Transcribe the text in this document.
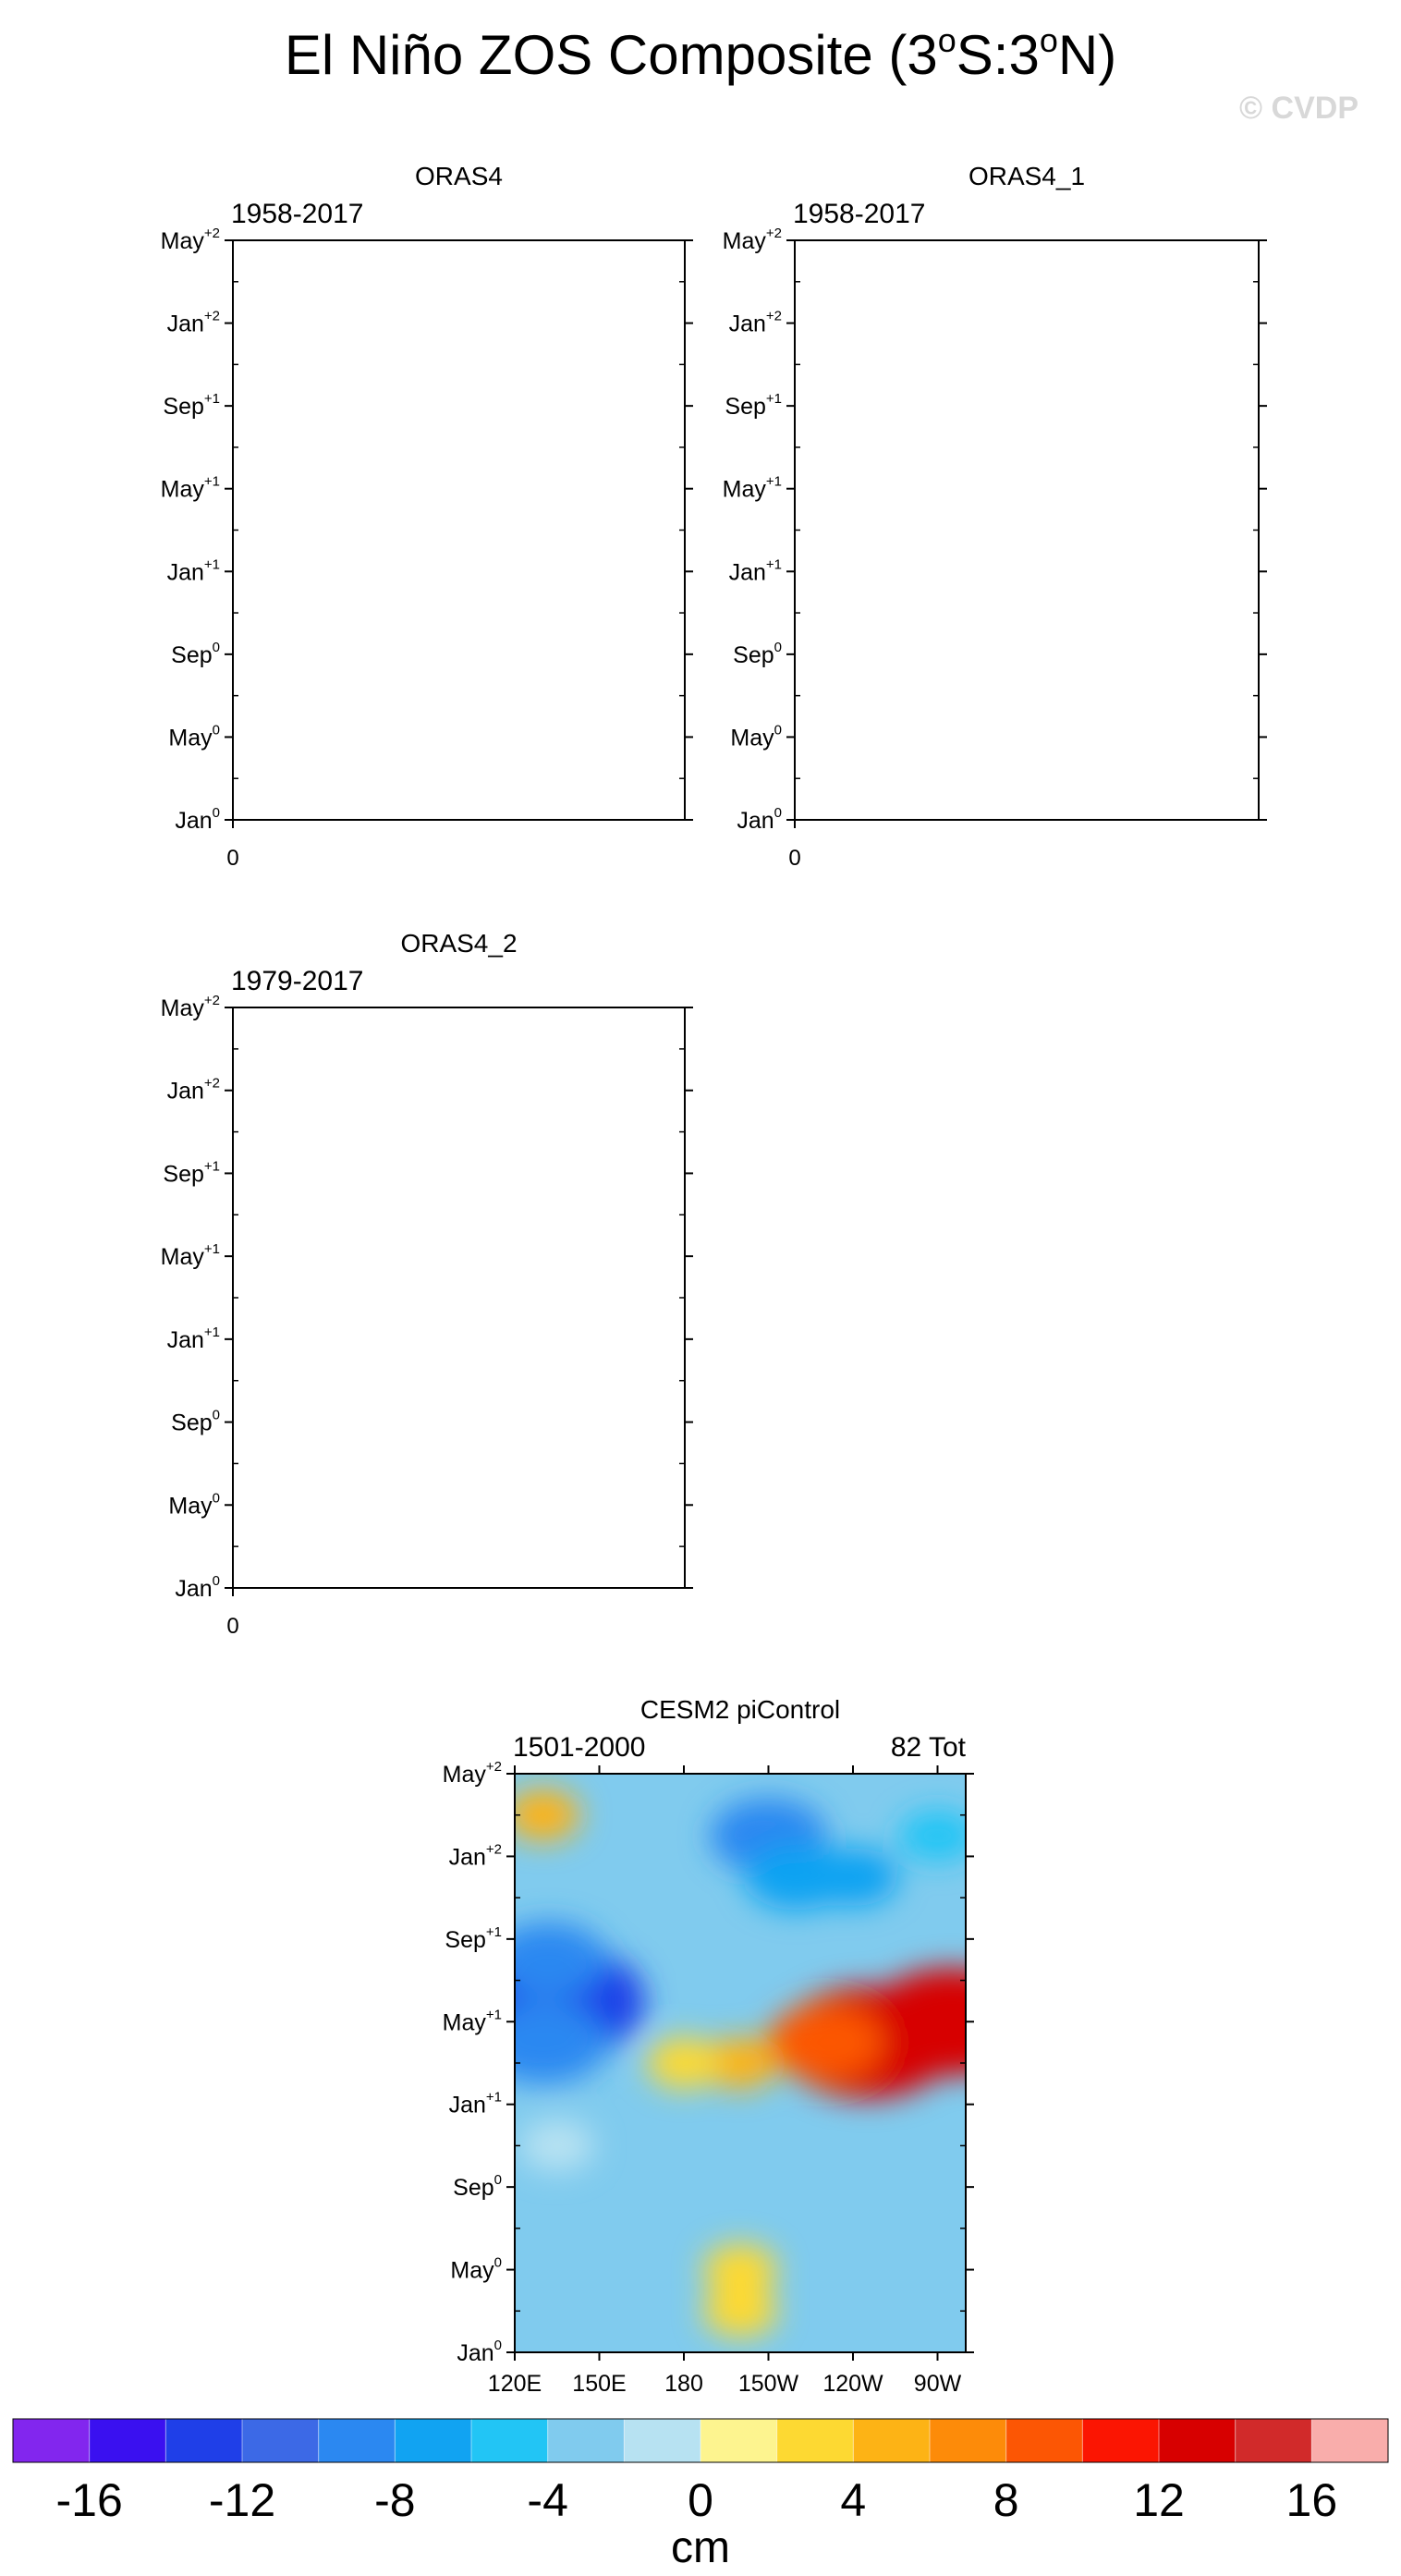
El Niño ZOS Composite (3$^o$S:3$^o$N)
© CVDP
ORAS4
1958-2017
Jan$^0$
May$^0$
Sep$^0$
Jan$^{+1}$
May$^{+1}$
Sep$^{+1}$
Jan$^{+2}$
May$^{+2}$
0
ORAS4_1
1958-2017
Jan$^0$
May$^0$
Sep$^0$
Jan$^{+1}$
May$^{+1}$
Sep$^{+1}$
Jan$^{+2}$
May$^{+2}$
0
ORAS4_2
1979-2017
Jan$^0$
May$^0$
Sep$^0$
Jan$^{+1}$
May$^{+1}$
Sep$^{+1}$
Jan$^{+2}$
May$^{+2}$
0
CESM2 piControl
1501-2000	82 Tot
Jan$^0$
May$^0$
Sep$^0$
Jan$^{+1}$
May$^{+1}$
Sep$^{+1}$
Jan$^{+2}$
May$^{+2}$
120E 150E 180 150W 120W 90W
-16 -12 -8 -4	0	4	8 12 16
cm
